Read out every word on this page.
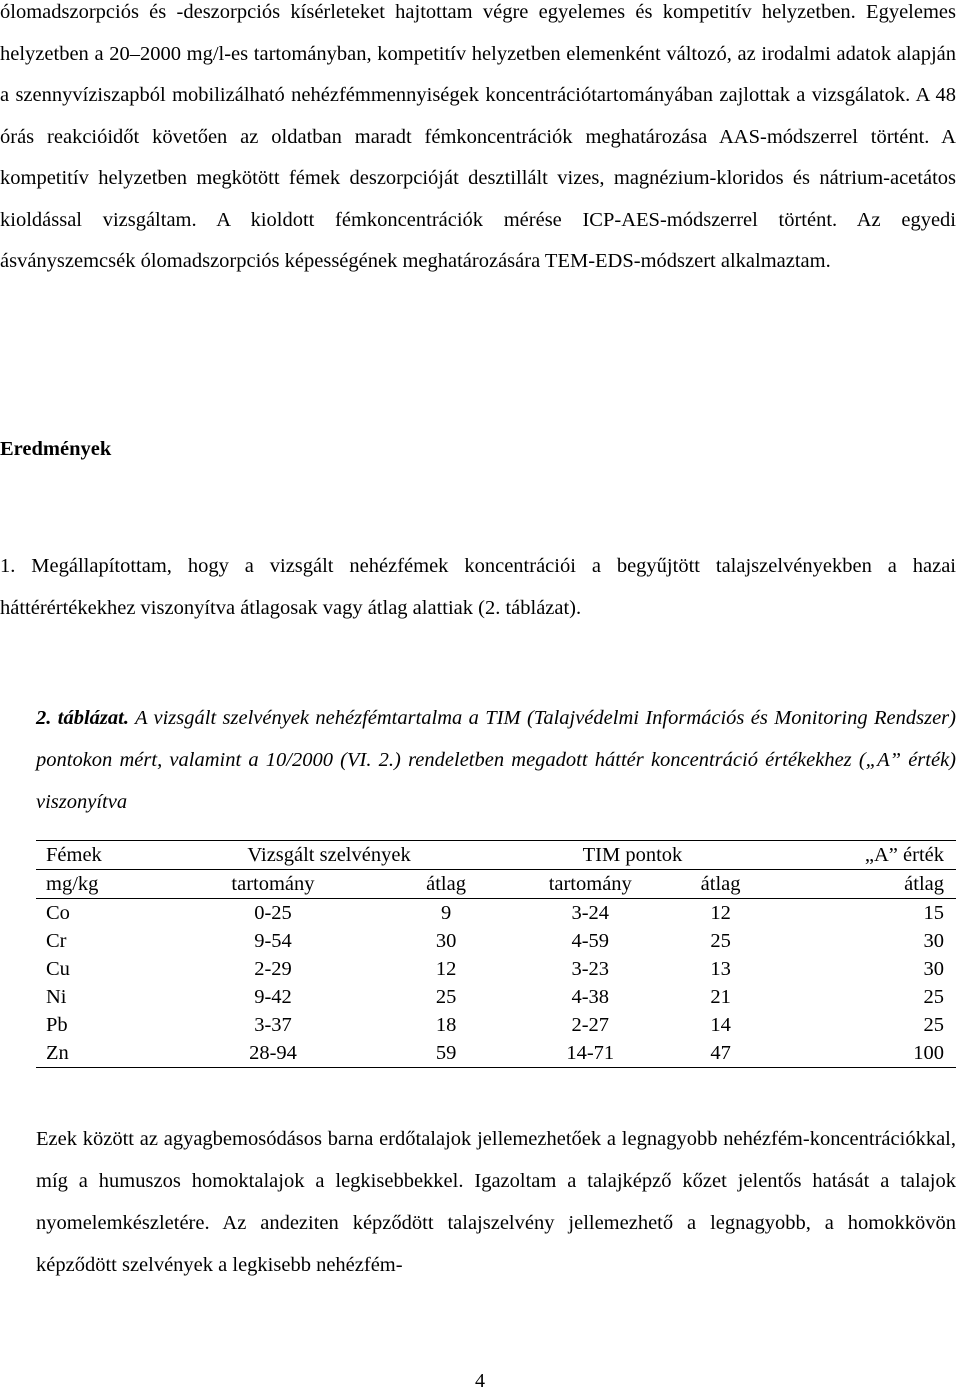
ólomadszorpciós és -deszorpciós kísérleteket hajtottam végre egyelemes és kompetitív helyzetben. Egyelemes helyzetben a 20–2000 mg/l-es tartományban, kompetitív helyzetben elemenként változó, az irodalmi adatok alapján a szennyvíziszapból mobilizálható nehézfémmennyiségek koncentrációtartományában zajlottak a vizsgálatok. A 48 órás reakcióidőt követően az oldatban maradt fémkoncentrációk meghatározása AAS-módszerrel történt. A kompetitív helyzetben megkötött fémek deszorpcióját desztillált vizes, magnézium-kloridos és nátrium-acetátos kioldással vizsgáltam. A kioldott fémkoncentrációk mérése ICP-AES-módszerrel történt. Az egyedi ásványszemcsék ólomadszorpciós képességének meghatározására TEM-EDS-módszert alkalmaztam.

Eredmények

1. Megállapítottam, hogy a vizsgált nehézfémek koncentrációi a begyűjtött talajszelvényekben a hazai háttérértékekhez viszonyítva átlagosak vagy átlag alattiak (2. táblázat).

2. táblázat. A vizsgált szelvények nehézfémtartalma a TIM (Talajvédelmi Információs és Monitoring Rendszer) pontokon mért, valamint a 10/2000 (VI. 2.) rendeletben megadott háttér koncentráció értékekhez („A” érték) viszonyítva

Fémek	Vizsgált szelvények		TIM pontok		„A” érték
mg/kg	tartomány	átlag	tartomány	átlag	átlag
Co	0-25	9	3-24	12	15
Cr	9-54	30	4-59	25	30
Cu	2-29	12	3-23	13	30
Ni	9-42	25	4-38	21	25
Pb	3-37	18	2-27	14	25
Zn	28-94	59	14-71	47	100

Ezek között az agyagbemosódásos barna erdőtalajok jellemezhetőek a legnagyobb nehézfém-koncentrációkkal, míg a humuszos homoktalajok a legkisebbekkel. Igazoltam a talajképző kőzet jelentős hatását a talajok nyomelemkészletére. Az andeziten képződött talajszelvény jellemezhető a legnagyobb, a homokkövön képződött szelvények a legkisebb nehézfém-

4
